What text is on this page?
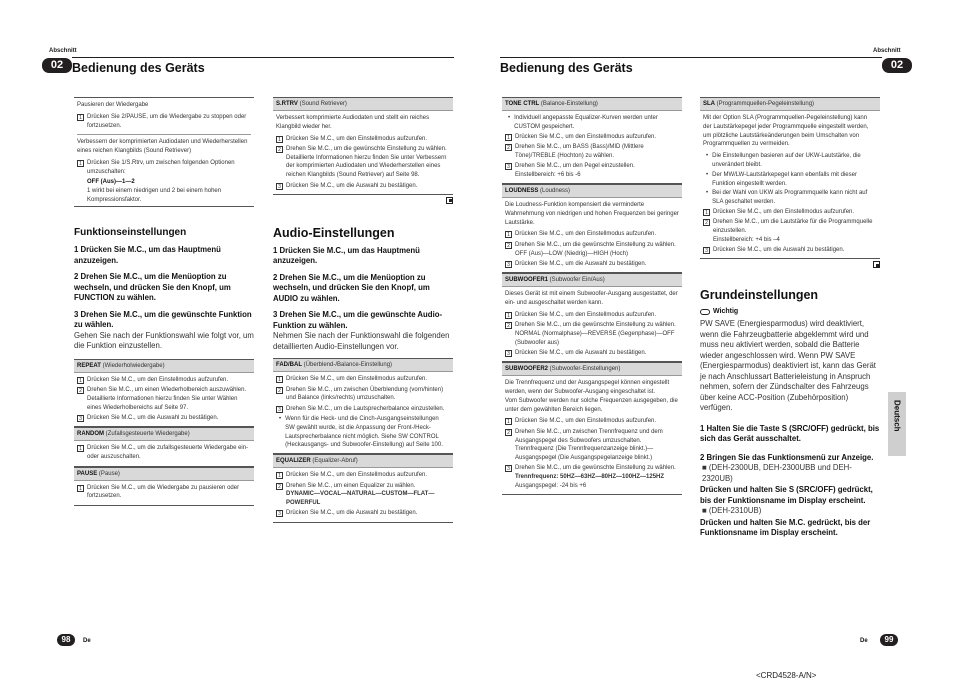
Abschnitt
02 Bedienung des Geräts
Abschnitt
Bedienung des Geräts	02
Pausieren der Wiedergabe
1 Drücken Sie 2/PAUSE, um die Wiedergabe zu stoppen oder fortzusetzen.
Verbessern der komprimierten Audiodaten und Wiederherstellen eines reichen Klangbilds (Sound Retriever)
1 Drücken Sie 1/S.Rtrv, um zwischen folgenden Optionen umzuschalten:
OFF (Aus)—1—2
1 wirkt bei einem niedrigen und 2 bei einem hohen Kompressionsfaktor.
Funktionseinstellungen
1 Drücken Sie M.C., um das Hauptmenü anzuzeigen.
2 Drehen Sie M.C., um die Menüoption zu wechseln, und drücken Sie den Knopf, um FUNCTION zu wählen.
3 Drehen Sie M.C., um die gewünschte Funktion zu wählen.
Gehen Sie nach der Funktionswahl wie folgt vor, um die Funktion einzustellen.
REPEAT (Wiederholwiedergabe)
1 Drücken Sie M.C., um den Einstellmodus aufzurufen.
2 Drehen Sie M.C., um einen Wiederholbereich auszuwählen.
Detaillierte Informationen hierzu finden Sie unter Wählen eines Wiederholbereichs auf Seite 97.
3 Drücken Sie M.C., um die Auswahl zu bestätigen.
RANDOM (Zufallsgesteuerte Wiedergabe)
1 Drücken Sie M.C., um die zufallsgesteuerte Wiedergabe ein- oder auszuschalten.
PAUSE (Pause)
1 Drücken Sie M.C., um die Wiedergabe zu pausieren oder fortzusetzen.
S.RTRV (Sound Retriever)
Verbessert komprimierte Audiodaten und stellt ein reiches Klangbild wieder her.
1 Drücken Sie M.C., um den Einstellmodus aufzurufen.
2 Drehen Sie M.C., um die gewünschte Einstellung zu wählen.
Detaillierte Informationen hierzu finden Sie unter Verbessern der komprimierten Audiodaten und Wiederherstellen eines reichen Klangbilds (Sound Retriever) auf Seite 98.
3 Drücken Sie M.C., um die Auswahl zu bestätigen.
Audio-Einstellungen
1 Drücken Sie M.C., um das Hauptmenü anzuzeigen.
2 Drehen Sie M.C., um die Menüoption zu wechseln, und drücken Sie den Knopf, um AUDIO zu wählen.
3 Drehen Sie M.C., um die gewünschte Audio-Funktion zu wählen.
Nehmen Sie nach der Funktionswahl die folgenden detaillierten Audio-Einstellungen vor.
FAD/BAL (Überblend-/Balance-Einstellung)
1 Drücken Sie M.C., um den Einstellmodus aufzurufen.
2 Drehen Sie M.C., um zwischen Überblendung (vorn/hinten) und Balance (links/rechts) umzuschalten.
3 Drehen Sie M.C., um die Lautsprecherbalance einzustellen.
• Wenn für die Heck- und die Cinch-Ausgangseinstellungen SW gewählt wurde, ist die Anpassung der Front-/Heck-Lautsprecherbalance nicht möglich. Siehe SW CONTROL (Heckausgangs- und Subwoofer-Einstellung) auf Seite 100.
EQUALIZER (Equalizer-Abruf)
1 Drücken Sie M.C., um den Einstellmodus aufzurufen.
2 Drehen Sie M.C., um einen Equalizer zu wählen.
DYNAMIC—VOCAL—NATURAL—CUSTOM—FLAT—POWERFUL
3 Drücken Sie M.C., um die Auswahl zu bestätigen.
TONE CTRL (Balance-Einstellung)
• Individuell angepasste Equalizer-Kurven werden unter CUSTOM gespeichert.
1 Drücken Sie M.C., um den Einstellmodus aufzurufen.
2 Drehen Sie M.C., um BASS (Bass)/MID (Mittlere Töne)/TREBLE (Hochton) zu wählen.
3 Drehen Sie M.C., um den Pegel einzustellen.
Einstellbereich: +6 bis -6
LOUDNESS (Loudness)
Die Loudness-Funktion kompensiert die verminderte Wahrnehmung von niedrigen und hohen Frequenzen bei geringer Lautstärke.
1 Drücken Sie M.C., um den Einstellmodus aufzurufen.
2 Drehen Sie M.C., um die gewünschte Einstellung zu wählen.
OFF (Aus)—LOW (Niedrig)—HIGH (Hoch)
3 Drücken Sie M.C., um die Auswahl zu bestätigen.
SUBWOOFER1 (Subwoofer Ein/Aus)
Dieses Gerät ist mit einem Subwoofer-Ausgang ausgestattet, der ein- und ausgeschaltet werden kann.
1 Drücken Sie M.C., um den Einstellmodus aufzurufen.
2 Drehen Sie M.C., um die gewünschte Einstellung zu wählen.
NORMAL (Normalphase)—REVERSE (Gegenphase)—OFF (Subwoofer aus)
3 Drücken Sie M.C., um die Auswahl zu bestätigen.
SUBWOOFER2 (Subwoofer-Einstellungen)
Die Trennfrequenz und der Ausgangspegel können eingestellt werden, wenn der Subwoofer-Ausgang eingeschaltet ist.
Vom Subwoofer werden nur solche Frequenzen ausgegeben, die unter dem gewählten Bereich liegen.
1 Drücken Sie M.C., um den Einstellmodus aufzurufen.
2 Drehen Sie M.C., um zwischen Trennfrequenz und dem Ausgangspegel des Subwoofers umzuschalten.
Trennfrequenz (Die Trennfrequenzanzeige blinkt.)—Ausgangspegel (Die Ausgangspegelanzeige blinkt.)
3 Drehen Sie M.C., um die gewünschte Einstellung zu wählen.
Trennfrequenz: 50HZ—63HZ—80HZ—100HZ—125HZ
Ausgangspegel: -24 bis +6
SLA (Programmquellen-Pegeleinstellung)
Mit der Option SLA (Programmquellen-Pegeleinstellung) kann der Lautstärkepegel jeder Programmquelle eingestellt werden, um plötzliche Lautstärkeänderungen beim Umschalten von Programmquellen zu vermeiden.
• Die Einstellungen basieren auf der UKW-Lautstärke, die unverändert bleibt.
• Der MW/LW-Lautstärkepegel kann ebenfalls mit dieser Funktion eingestellt werden.
• Bei der Wahl von UKW als Programmquelle kann nicht auf SLA geschaltet werden.
1 Drücken Sie M.C., um den Einstellmodus aufzurufen.
2 Drehen Sie M.C., um die Lautstärke für die Programmquelle einzustellen.
Einstellbereich: +4 bis –4
3 Drücken Sie M.C., um die Auswahl zu bestätigen.
Grundeinstellungen
Wichtig
PW SAVE (Energiesparmodus) wird deaktiviert, wenn die Fahrzeugbatterie abgeklemmt wird und muss neu aktiviert werden, sobald die Batterie wieder angeschlossen wird. Wenn PW SAVE (Energiesparmodus) deaktiviert ist, kann das Gerät je nach Anschlussart Batterieleistung in Anspruch nehmen, sofern der Zündschalter des Fahrzeugs über keine ACC-Position (Zubehörposition) verfügen.
1 Halten Sie die Taste S (SRC/OFF) gedrückt, bis sich das Gerät ausschaltet.
2 Bringen Sie das Funktionsmenü zur Anzeige.
■ (DEH-2300UB, DEH-2300UBB und DEH-2320UB)
Drücken und halten Sie S (SRC/OFF) gedrückt, bis der Funktionsname im Display erscheint.
■ (DEH-2310UB)
Drücken und halten Sie M.C. gedrückt, bis der Funktionsname im Display erscheint.
Deutsch
98	De	De	99
<CRD4528-A/N>
